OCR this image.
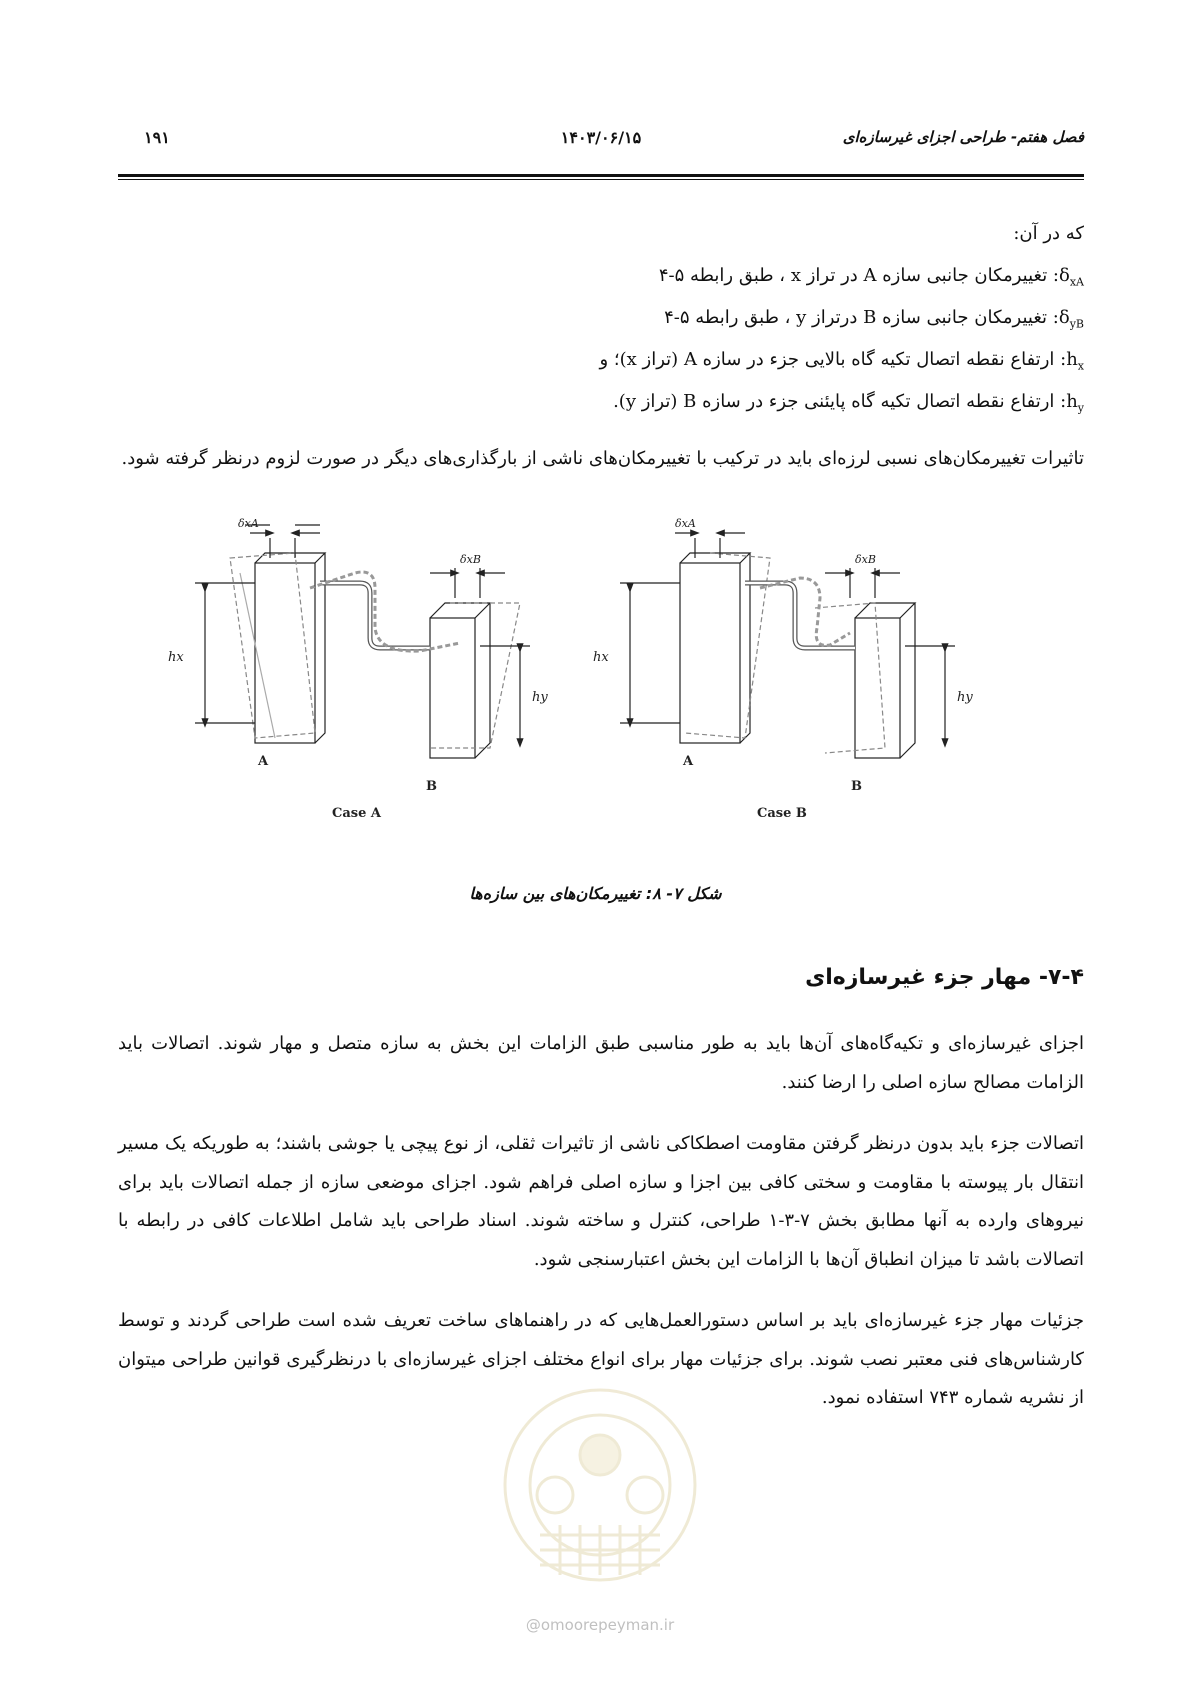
فصل هفتم- طراحی اجزای غیرسازه‌ای
۱۴۰۳/۰۶/۱۵
۱۹۱
که در آن:
$\delta_{xA}$: تغییرمکان جانبی سازه A در تراز x ، طبق رابطه ۵-۴
$\delta_{yB}$: تغییرمکان جانبی سازه B درتراز y ، طبق رابطه ۵-۴
$h_x$: ارتفاع نقطه اتصال تکیه گاه بالایی جزء در سازه A (تراز x)؛ و
$h_y$: ارتفاع نقطه اتصال تکیه گاه پایئنی جزء در سازه B (تراز y).

تاثیرات تغییرمکان‌های نسبی لرزه‌ای باید در ترکیب با تغییرمکان‌های ناشی از بارگذاری‌های دیگر در صورت لزوم درنظر گرفته شود.

hx
hy
δxA
δxB
A
B
Case A
hx
hy
δxA
δxB
A
B
Case B
شکل ۷- ۸: تغییرمکان‌های بین سازه‌ها
۷-۴- مهار جزء غیرسازه‌ای

اجزای غیرسازه‌ای و تکیه‌گاه‌های آن‌ها باید به طور مناسبی طبق الزامات این بخش به سازه متصل و مهار شوند. اتصالات باید الزامات مصالح سازه اصلی را ارضا کنند.

اتصالات جزء باید بدون درنظر گرفتن مقاومت اصطکاکی ناشی از تاثیرات ثقلی، از نوع پیچی یا جوشی باشند؛ به طوریکه یک مسیر انتقال بار پیوسته با مقاومت و سختی کافی بین اجزا و سازه اصلی فراهم شود. اجزای موضعی سازه از جمله اتصالات باید برای نیروهای وارده به آنها مطابق بخش ۷-۳-۱ طراحی، کنترل و ساخته شوند. اسناد طراحی باید شامل اطلاعات کافی در رابطه با اتصالات باشد تا میزان انطباق آن‌ها با الزامات این بخش اعتبارسنجی شود.

جزئیات مهار جزء غیرسازه‌ای باید بر اساس دستورالعمل‌هایی که در راهنماهای ساخت تعریف شده است طراحی گردند و توسط کارشناس‌های فنی معتبر نصب شوند. برای جزئیات مهار برای انواع مختلف اجزای غیرسازه‌ای با درنظرگیری قوانین طراحی میتوان از نشریه شماره ۷۴۳ استفاده نمود.

@omoorepeyman.ir
